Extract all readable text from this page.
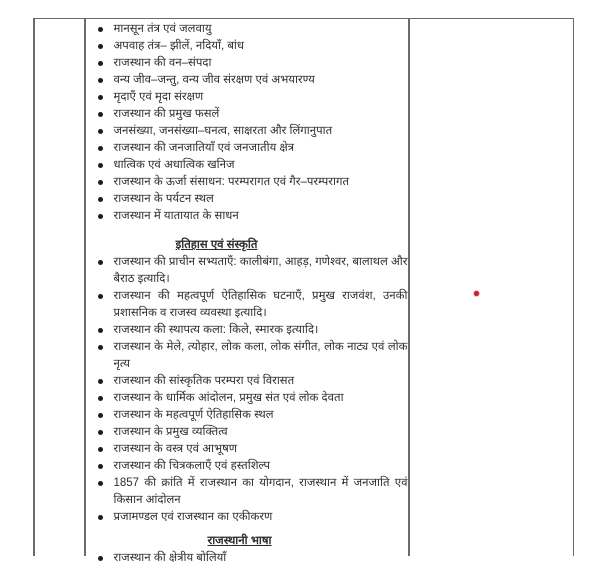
मानसून तंत्र एवं जलवायु
अपवाह तंत्र– झीलें, नदियाँ, बांध
राजस्थान की वन–संपदा
वन्य जीव–जन्तु, वन्य जीव संरक्षण एवं अभयारण्य
मृदाएँ एवं मृदा संरक्षण
राजस्थान की प्रमुख फसलें
जनसंख्या, जनसंख्या–घनत्व, साक्षरता और लिंगानुपात
राजस्थान की जनजातियाँ एवं जनजातीय क्षेत्र
धात्विक एवं अधात्विक खनिज
राजस्थान के ऊर्जा संसाधन: परम्परागत एवं गैर–परम्परागत
राजस्थान के पर्यटन स्थल
राजस्थान में यातायात के साधन
इतिहास एवं संस्कृति
राजस्थान की प्राचीन सभ्यताएँ: कालीबंगा, आहड़, गणेश्वर, बालाथल और बैराठ इत्यादि।
राजस्थान की महत्वपूर्ण ऐतिहासिक घटनाएँ, प्रमुख राजवंश, उनकी प्रशासनिक व राजस्व व्यवस्था इत्यादि।
राजस्थान की स्थापत्य कला: किले, स्मारक इत्यादि।
राजस्थान के मेले, त्योहार, लोक कला, लोक संगीत, लोक नाट्य एवं लोक नृत्य
राजस्थान की सांस्कृतिक परम्परा एवं विरासत
राजस्थान के धार्मिक आंदोलन, प्रमुख संत एवं लोक देवता
राजस्थान के महत्वपूर्ण ऐतिहासिक स्थल
राजस्थान के प्रमुख व्यक्तित्व
राजस्थान के वस्त्र एवं आभूषण
राजस्थान की चित्रकलाएँ एवं हस्तशिल्प
1857 की क्रांति में राजस्थान का योगदान, राजस्थान में जनजाति एवं किसान आंदोलन
प्रजामण्डल एवं राजस्थान का एकीकरण
राजस्थानी भाषा
राजस्थान की क्षेत्रीय बोलियाँ
